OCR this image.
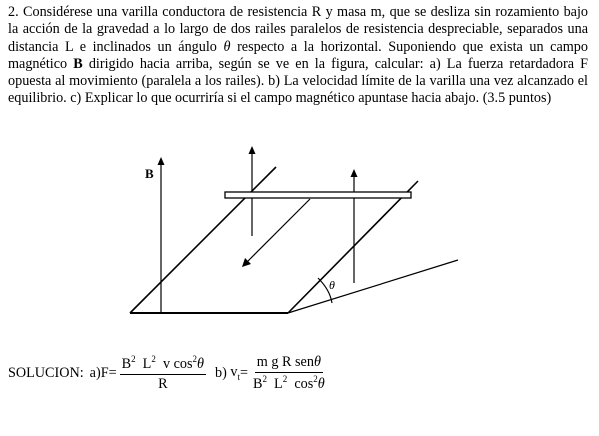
2. Considérese una varilla conductora de resistencia R y masa m, que se desliza sin rozamiento bajo la acción de la gravedad a lo largo de dos railes paralelos de resistencia despreciable, separados una distancia L e inclinados un ángulo θ respecto a la horizontal. Suponiendo que exista un campo magnético B dirigido hacia arriba, según se ve en la figura, calcular: a) La fuerza retardadora F opuesta al movimiento (paralela a los railes). b) La velocidad límite de la varilla una vez alcanzado el equilibrio. c) Explicar lo que ocurriría si el campo magnético apuntase hacia abajo. (3.5 puntos)
θ
B
SOLUCION: a) $F = \frac{B^2 L^2 v \cos^2\theta}{R} b$) $v_t = \frac{\text{m g R senθ}}{B^2 L^2 \cos^2\theta}$
